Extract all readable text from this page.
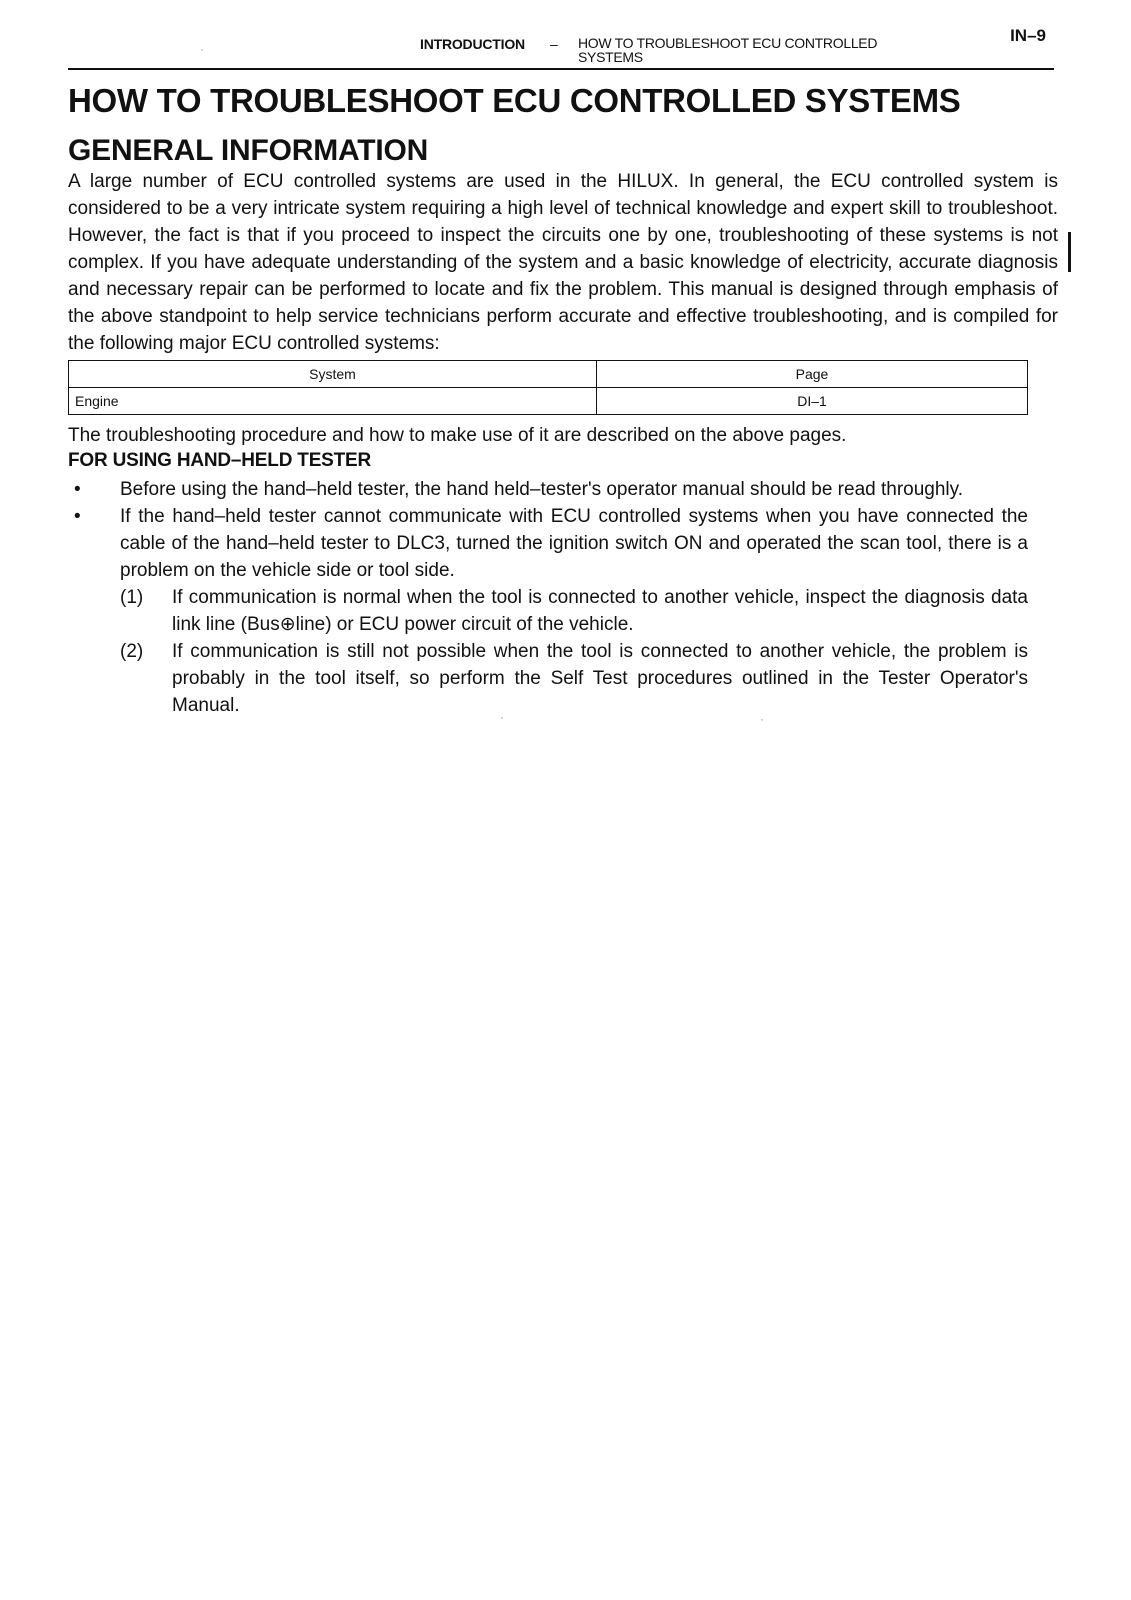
INTRODUCTION – HOW TO TROUBLESHOOT ECU CONTROLLED SYSTEMS
IN–9
HOW TO TROUBLESHOOT ECU CONTROLLED SYSTEMS
GENERAL INFORMATION

A large number of ECU controlled systems are used in the HILUX. In general, the ECU controlled system is considered to be a very intricate system requiring a high level of technical knowledge and expert skill to troubleshoot. However, the fact is that if you proceed to inspect the circuits one by one, troubleshooting of these systems is not complex. If you have adequate understanding of the system and a basic knowledge of electricity, accurate diagnosis and necessary repair can be performed to locate and fix the problem. This manual is designed through emphasis of the above standpoint to help service technicians perform accurate and effective troubleshooting, and is compiled for the following major ECU controlled systems:

System	Page
Engine	DI–1

The troubleshooting procedure and how to make use of it are described on the above pages.

FOR USING HAND–HELD TESTER
• Before using the hand–held tester, the hand held–tester's operator manual should be read throughly.
• If the hand–held tester cannot communicate with ECU controlled systems when you have connected the cable of the hand–held tester to DLC3, turned the ignition switch ON and operated the scan tool, there is a problem on the vehicle side or tool side.
(1) If communication is normal when the tool is connected to another vehicle, inspect the diagnosis data link line (Bus⊕line) or ECU power circuit of the vehicle.
(2) If communication is still not possible when the tool is connected to another vehicle, the problem is probably in the tool itself, so perform the Self Test procedures outlined in the Tester Operator's Manual.
·
·	·
